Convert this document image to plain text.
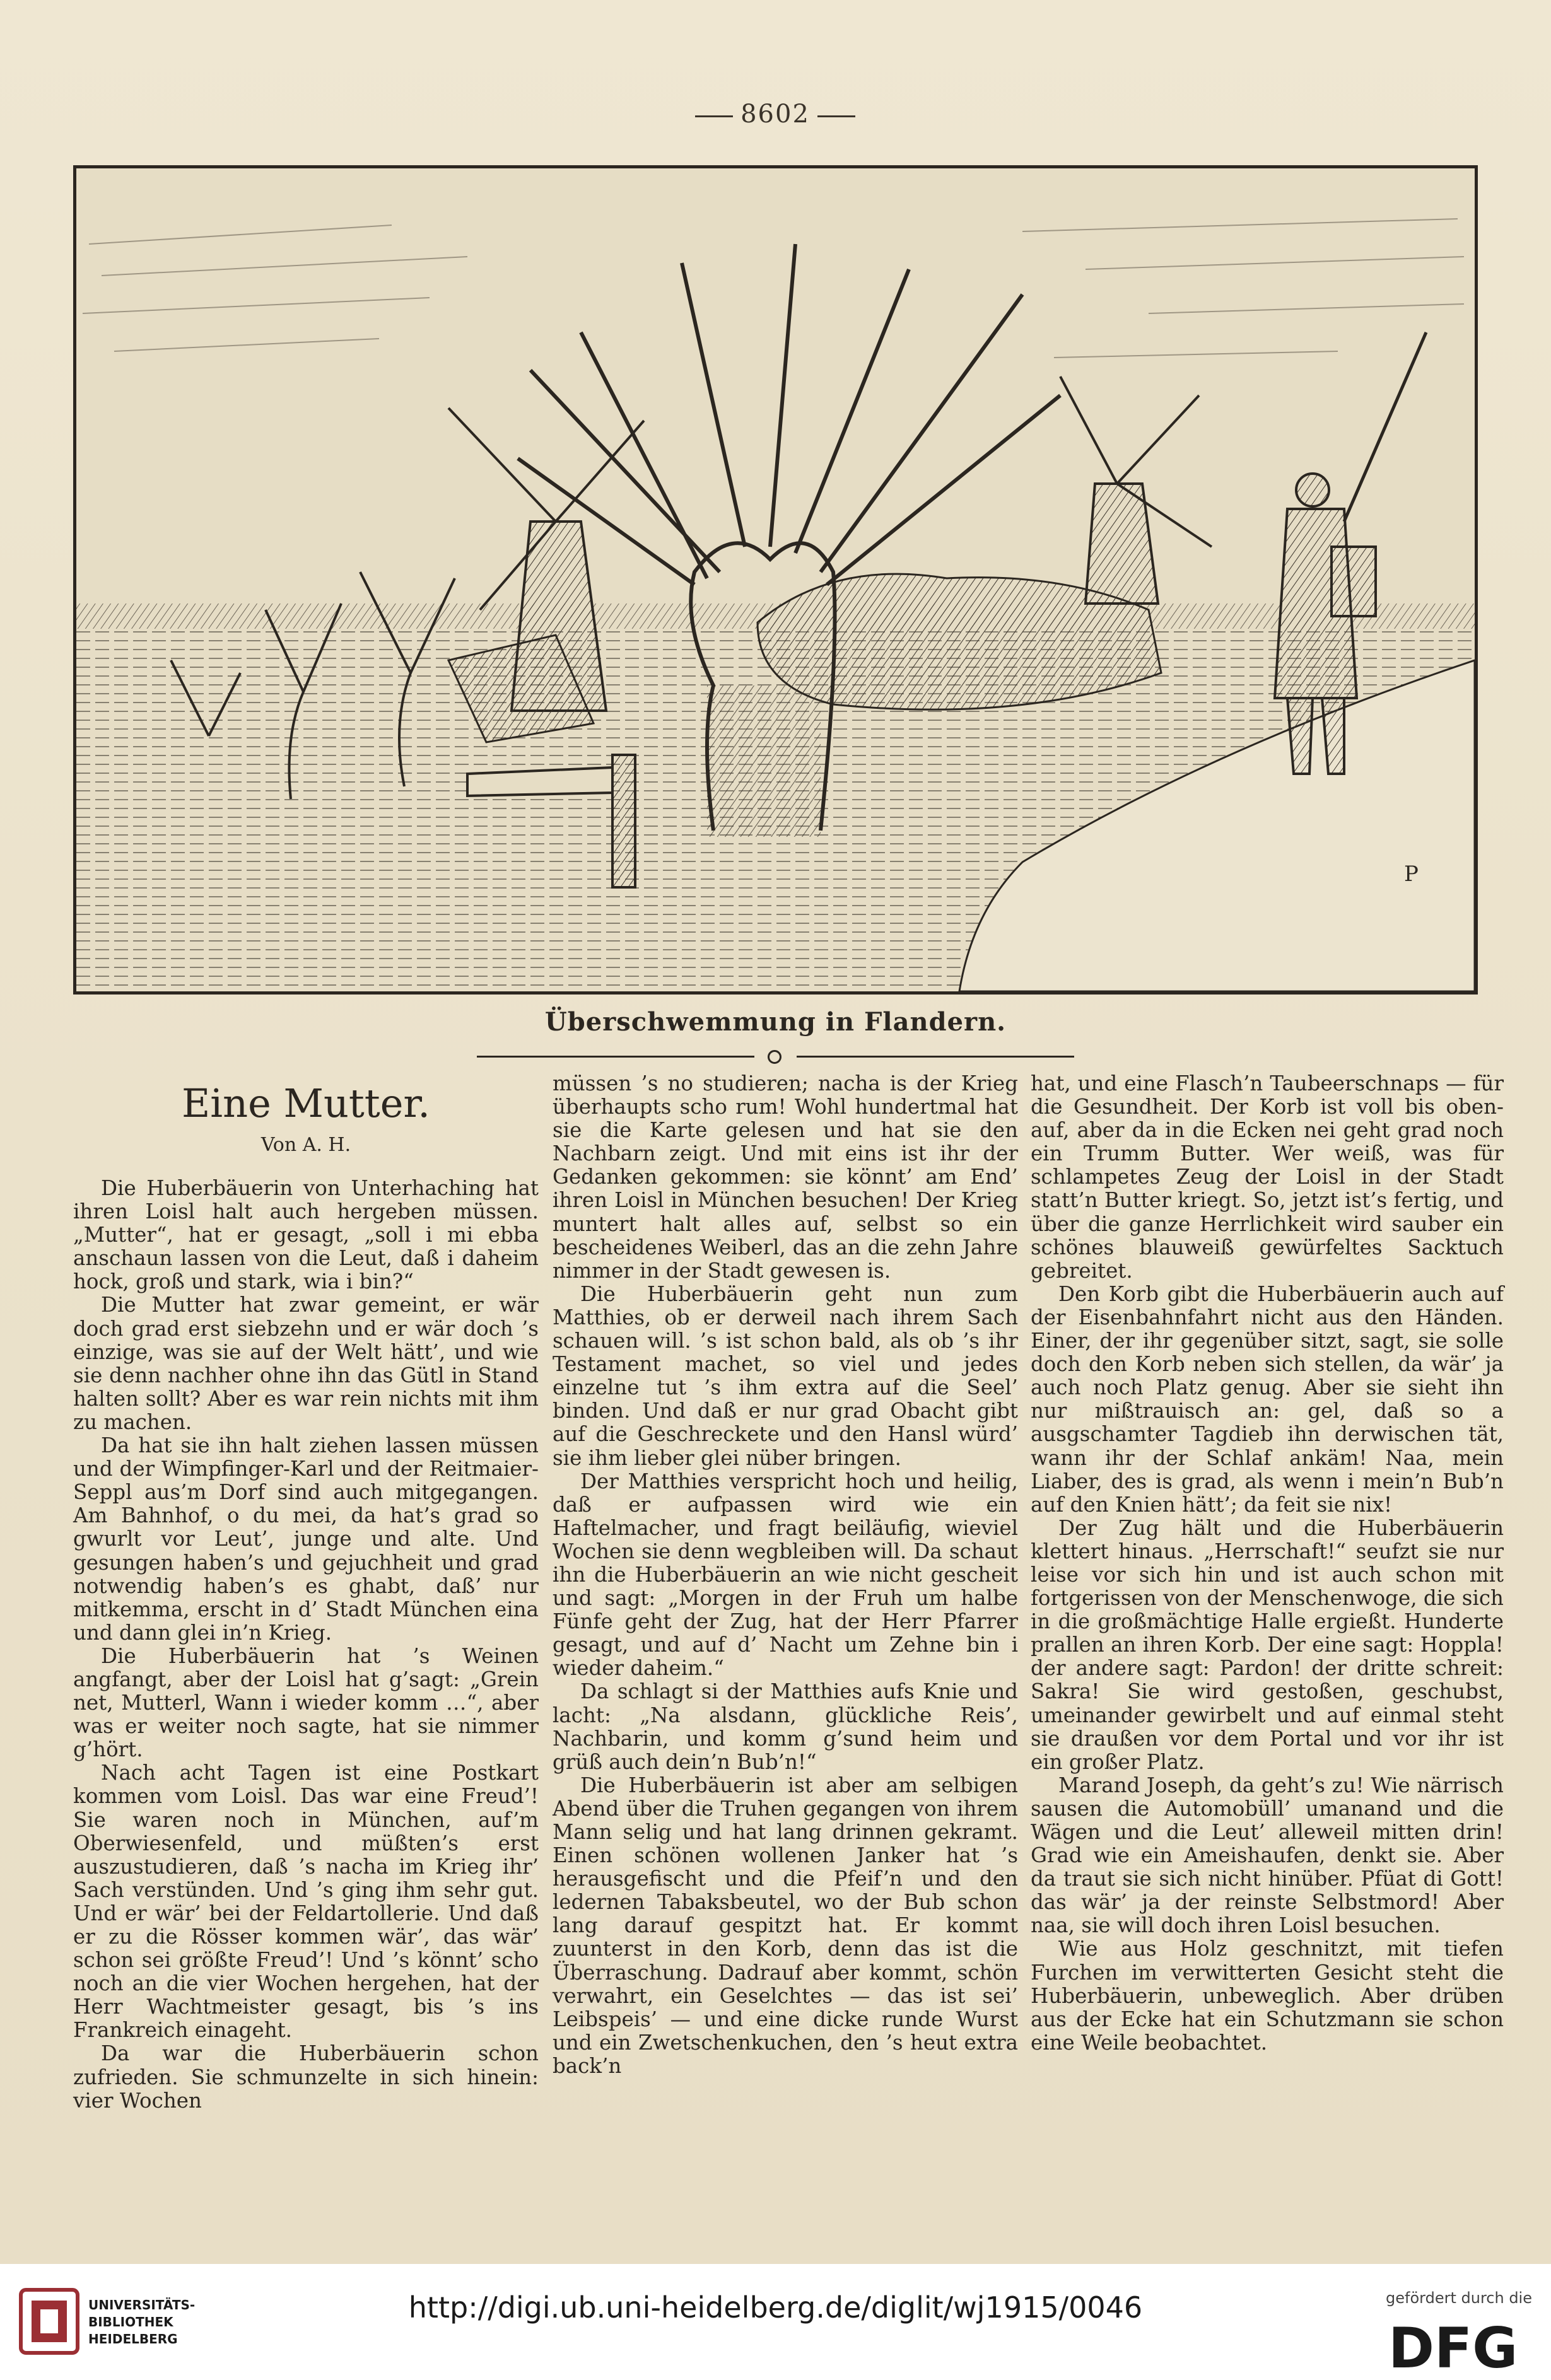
8602
P
Überschwemmung in Flandern.
Eine Mutter.
Von A. H.

Die Huberbäuerin von Unterhaching hat ihren Loisl halt auch hergeben müssen. „Mutter“, hat er gesagt, „soll i mi ebba anschaun lassen von die Leut, daß i daheim hock, groß und stark, wia i bin?“

Die Mutter hat zwar gemeint, er wär doch grad erst siebzehn und er wär doch ’s einzige, was sie auf der Welt hätt’, und wie sie denn nachher ohne ihn das Gütl in Stand halten sollt? Aber es war rein nichts mit ihm zu machen.

Da hat sie ihn halt ziehen lassen müssen und der Wimpfinger-Karl und der Reitmaier-Seppl aus’m Dorf sind auch mitgegangen. Am Bahnhof, o du mei, da hat’s grad so gwurlt vor Leut’, junge und alte. Und gesungen haben’s und gejuchheit und grad notwendig haben’s es ghabt, daß’ nur mitkemma, erscht in d’ Stadt München eina und dann glei in’n Krieg.

Die Huberbäuerin hat ’s Weinen angfangt, aber der Loisl hat g’sagt: „Grein net, Mutterl, Wann i wieder komm …“, aber was er weiter noch sagte, hat sie nimmer g’hört.

Nach acht Tagen ist eine Postkart kommen vom Loisl. Das war eine Freud’! Sie waren noch in München, auf’m Oberwiesenfeld, und müßten’s erst auszustudieren, daß ’s nacha im Krieg ihr’ Sach verstünden. Und ’s ging ihm sehr gut. Und er wär’ bei der Feldartollerie. Und daß er zu die Rösser kommen wär’, das wär’ schon sei größte Freud’! Und ’s könnt’ scho noch an die vier Wochen hergehen, hat der Herr Wachtmeister gesagt, bis ’s ins Frankreich einageht.

Da war die Huberbäuerin schon zufrieden. Sie schmunzelte in sich hinein: vier Wochen

müssen ’s no studieren; nacha is der Krieg überhaupts scho rum! Wohl hundertmal hat sie die Karte gelesen und hat sie den Nachbarn zeigt. Und mit eins ist ihr der Gedanken gekommen: sie könnt’ am End’ ihren Loisl in München besuchen! Der Krieg muntert halt alles auf, selbst so ein bescheidenes Weiberl, das an die zehn Jahre nimmer in der Stadt gewesen is.

Die Huberbäuerin geht nun zum Matthies, ob er derweil nach ihrem Sach schauen will. ’s ist schon bald, als ob ’s ihr Testament machet, so viel und jedes einzelne tut ’s ihm extra auf die Seel’ binden. Und daß er nur grad Obacht gibt auf die Geschreckete und den Hansl würd’ sie ihm lieber glei nüber bringen.

Der Matthies verspricht hoch und heilig, daß er aufpassen wird wie ein Haftelmacher, und fragt beiläufig, wieviel Wochen sie denn wegbleiben will. Da schaut ihn die Huberbäuerin an wie nicht gescheit und sagt: „Morgen in der Fruh um halbe Fünfe geht der Zug, hat der Herr Pfarrer gesagt, und auf d’ Nacht um Zehne bin i wieder daheim.“

Da schlagt si der Matthies aufs Knie und lacht: „Na alsdann, glückliche Reis’, Nachbarin, und komm g’sund heim und grüß auch dein’n Bub’n!“

Die Huberbäuerin ist aber am selbigen Abend über die Truhen gegangen von ihrem Mann selig und hat lang drinnen gekramt. Einen schönen wollenen Janker hat ’s herausgefischt und die Pfeif’n und den ledernen Tabaksbeutel, wo der Bub schon lang darauf gespitzt hat. Er kommt zuunterst in den Korb, denn das ist die Überraschung. Dadrauf aber kommt, schön verwahrt, ein Geselchtes — das ist sei’ Leibspeis’ — und eine dicke runde Wurst und ein Zwetschenkuchen, den ’s heut extra back’n

hat, und eine Flasch’n Taubeerschnaps — für die Gesundheit. Der Korb ist voll bis oben-auf, aber da in die Ecken nei geht grad noch ein Trumm Butter. Wer weiß, was für schlampetes Zeug der Loisl in der Stadt statt’n Butter kriegt. So, jetzt ist’s fertig, und über die ganze Herrlichkeit wird sauber ein schönes blauweiß gewürfeltes Sacktuch gebreitet.

Den Korb gibt die Huberbäuerin auch auf der Eisenbahnfahrt nicht aus den Händen. Einer, der ihr gegenüber sitzt, sagt, sie solle doch den Korb neben sich stellen, da wär’ ja auch noch Platz genug. Aber sie sieht ihn nur mißtrauisch an: gel, daß so a ausgschamter Tagdieb ihn derwischen tät, wann ihr der Schlaf ankäm! Naa, mein Liaber, des is grad, als wenn i mein’n Bub’n auf den Knien hätt’; da feit sie nix!

Der Zug hält und die Huberbäuerin klettert hinaus. „Herrschaft!“ seufzt sie nur leise vor sich hin und ist auch schon mit fortgerissen von der Menschenwoge, die sich in die großmächtige Halle ergießt. Hunderte prallen an ihren Korb. Der eine sagt: Hoppla! der andere sagt: Pardon! der dritte schreit: Sakra! Sie wird gestoßen, geschubst, umeinander gewirbelt und auf einmal steht sie draußen vor dem Portal und vor ihr ist ein großer Platz.

Marand Joseph, da geht’s zu! Wie närrisch sausen die Automobüll’ umanand und die Wägen und die Leut’ alleweil mitten drin! Grad wie ein Ameishaufen, denkt sie. Aber da traut sie sich nicht hinüber. Pfüat di Gott! das wär’ ja der reinste Selbstmord! Aber naa, sie will doch ihren Loisl besuchen.

Wie aus Holz geschnitzt, mit tiefen Furchen im verwitterten Gesicht steht die Huberbäuerin, unbeweglich. Aber drüben aus der Ecke hat ein Schutzmann sie schon eine Weile beobachtet.

UNIVERSITÄTS-
BIBLIOTHEK
HEIDELBERG
http://digi.ub.uni-heidelberg.de/diglit/wj1915/0046	gefördert durch die
DFG
